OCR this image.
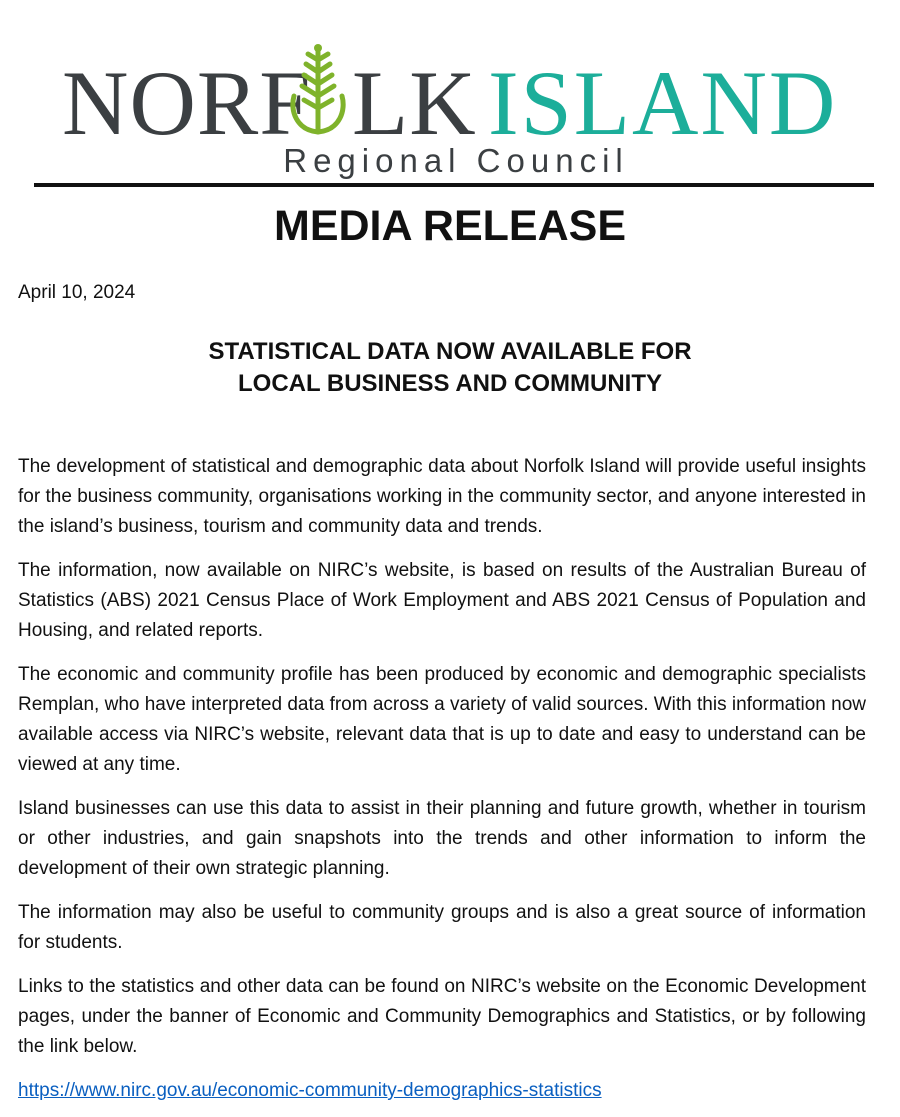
NORF LK ISLAND
Regional Council
MEDIA RELEASE
April 10, 2024
STATISTICAL DATA NOW AVAILABLE FOR
LOCAL BUSINESS AND COMMUNITY

The development of statistical and demographic data about Norfolk Island will provide useful insights for the business community, organisations working in the community sector, and anyone interested in the island’s business, tourism and community data and trends.

The information, now available on NIRC’s website, is based on results of the Australian Bureau of Statistics (ABS) 2021 Census Place of Work Employment and ABS 2021 Census of Population and Housing, and related reports.

The economic and community profile has been produced by economic and demographic specialists Remplan, who have interpreted data from across a variety of valid sources. With this information now available access via NIRC’s website, relevant data that is up to date and easy to understand can be viewed at any time.

Island businesses can use this data to assist in their planning and future growth, whether in tourism or other industries, and gain snapshots into the trends and other information to inform the development of their own strategic planning.

The information may also be useful to community groups and is also a great source of information for students.

Links to the statistics and other data can be found on NIRC’s website on the Economic Development pages, under the banner of Economic and Community Demographics and Statistics, or by following the link below.

https://www.nirc.gov.au/economic-community-demographics-statistics
